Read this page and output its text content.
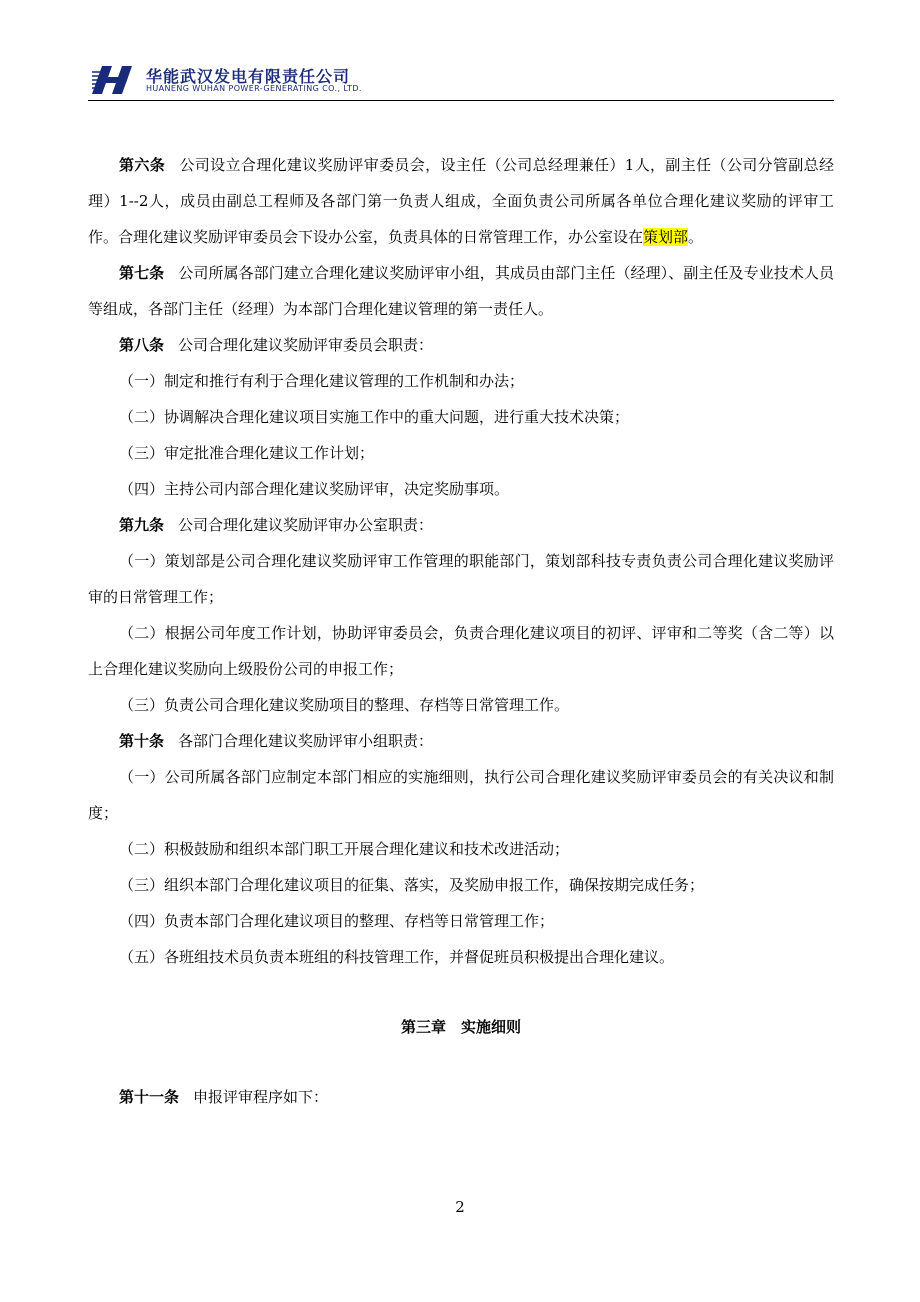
华能武汉发电有限责任公司
HUANENG WUHAN POWER-GENERATING CO., LTD.

第六条 公司设立合理化建议奖励评审委员会，设主任（公司总经理兼任）1人，副主任（公司分管副总经理）1--2人，成员由副总工程师及各部门第一负责人组成，全面负责公司所属各单位合理化建议奖励的评审工作。合理化建议奖励评审委员会下设办公室，负责具体的日常管理工作，办公室设在策划部。

第七条 公司所属各部门建立合理化建议奖励评审小组，其成员由部门主任（经理）、副主任及专业技术人员等组成，各部门主任（经理）为本部门合理化建议管理的第一责任人。

第八条 公司合理化建议奖励评审委员会职责：

（一）制定和推行有利于合理化建议管理的工作机制和办法；

（二）协调解决合理化建议项目实施工作中的重大问题，进行重大技术决策；

（三）审定批准合理化建议工作计划；

（四）主持公司内部合理化建议奖励评审，决定奖励事项。

第九条 公司合理化建议奖励评审办公室职责：

（一）策划部是公司合理化建议奖励评审工作管理的职能部门，策划部科技专责负责公司合理化建议奖励评审的日常管理工作；

（二）根据公司年度工作计划，协助评审委员会，负责合理化建议项目的初评、评审和二等奖（含二等）以上合理化建议奖励向上级股份公司的申报工作；

（三）负责公司合理化建议奖励项目的整理、存档等日常管理工作。

第十条 各部门合理化建议奖励评审小组职责：

（一）公司所属各部门应制定本部门相应的实施细则，执行公司合理化建议奖励评审委员会的有关决议和制度；

（二）积极鼓励和组织本部门职工开展合理化建议和技术改进活动；

（三）组织本部门合理化建议项目的征集、落实，及奖励申报工作，确保按期完成任务；

（四）负责本部门合理化建议项目的整理、存档等日常管理工作；

（五）各班组技术员负责本班组的科技管理工作，并督促班员积极提出合理化建议。

第三章　实施细则

第十一条 申报评审程序如下：

2
